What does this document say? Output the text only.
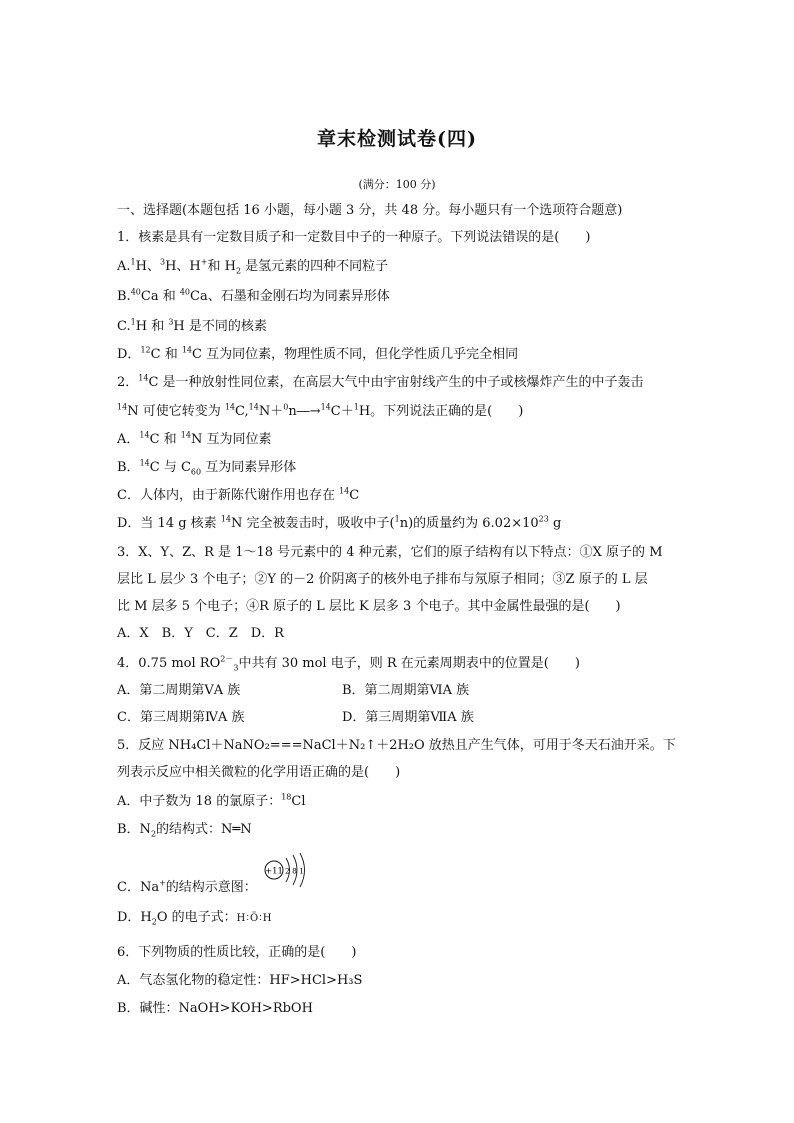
章末检测试卷(四)
(满分：100 分)
一、选择题(本题包括 16 小题，每小题 3 分，共 48 分。每小题只有一个选项符合题意)
1．核素是具有一定数目质子和一定数目中子的一种原子。下列说法错误的是(　　)
A.$^1$H、$^3$H、H+和 $H_2$ 是氢元素的四种不同粒子
B.$^{40}$Ca 和 $^{40}$Ca、石墨和金刚石均为同素异形体
C.$^1$H 和 $^3$H 是不同的核素
D．$^{12}$C 和 $^{14}$C 互为同位素，物理性质不同，但化学性质几乎完全相同
2．$^{14}$C 是一种放射性同位素，在高层大气中由宇宙射线产生的中子或核爆炸产生的中子轰击
$^{14}$N 可使它转变为 $^{14}$C,$^{14}$N＋$^0$n―→$^{14}$C＋$^1$H。下列说法正确的是(　　)
A．$^{14}$C 和 $^{14}$N 互为同位素
B．$^{14}$C 与 $C_{60}$ 互为同素异形体
C．人体内，由于新陈代谢作用也存在 $^{14}$C
D．当 14 g 核素 $^{14}$N 完全被轰击时，吸收中子($^1$n)的质量约为 $6.02\times 10^{23}$ g
3．X、Y、Z、R 是 1～18 号元素中的 4 种元素，它们的原子结构有以下特点：①X 原子的 M
层比 L 层少 3 个电子；②Y 的－2 价阴离子的核外电子排布与氖原子相同；③Z 原子的 L 层
比 M 层多 5 个电子；④R 原子的 L 层比 K 层多 3 个电子。其中金属性最强的是(　　)
A．X　B．Y　C．Z　D．R
4．0.75 mol $RO^{2-}_3$中共有 30 mol 电子，则 R 在元素周期表中的位置是(　　)
A．第二周期第ⅤA 族	B．第二周期第ⅥA 族
C．第三周期第ⅣA 族	D．第三周期第ⅦA 族
5．反应 NH₄Cl＋NaNO₂===NaCl＋N₂↑＋2H₂O 放热且产生气体，可用于冬天石油开采。下
列表示反应中相关微粒的化学用语正确的是(　　)
A．中子数为 18 的氯原子：$^{18}$Cl
B．$N_2$的结构式：N═N
C．Na+的结构示意图：
+11 2 8 1
D．$H_2O$ 的电子式：H∶Ö∶H
6．下列物质的性质比较，正确的是(　　)
A．气态氢化物的稳定性：HF>HCl>H₃S
B．碱性：NaOH>KOH>RbOH
